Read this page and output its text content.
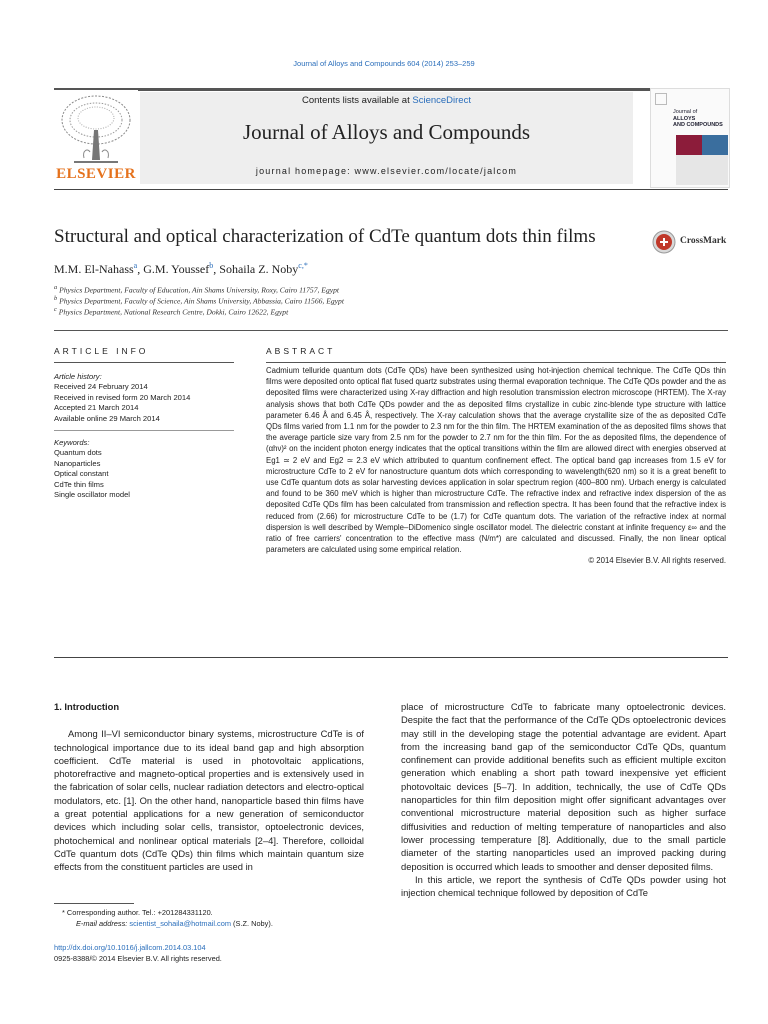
Journal of Alloys and Compounds 604 (2014) 253–259
ELSEVIER
Contents lists available at ScienceDirect
Journal of Alloys and Compounds
journal homepage: www.elsevier.com/locate/jalcom
Journal of
ALLOYS
AND COMPOUNDS
Structural and optical characterization of CdTe quantum dots thin films	CrossMark
M.M. El-Nahass$^a$, G.M. Youssef$^b$, Sohaila Z. Noby$^{c,*}$
$^a$ Physics Department, Faculty of Education, Ain Shams University, Roxy, Cairo 11757, Egypt
$^b$ Physics Department, Faculty of Science, Ain Shams University, Abbassia, Cairo 11566, Egypt
$^c$ Physics Department, National Research Centre, Dokki, Cairo 12622, Egypt
ARTICLE INFO	ABSTRACT
Article history:
Received 24 February 2014
Received in revised form 20 March 2014
Accepted 21 March 2014
Available online 29 March 2014
Keywords:
Quantum dots
Nanoparticles
Optical constant
CdTe thin films
Single oscillator model
Cadmium telluride quantum dots (CdTe QDs) have been synthesized using hot-injection chemical technique. The CdTe QDs thin films were deposited onto optical flat fused quartz substrates using thermal evaporation technique. The CdTe QDs powder and the as deposited films were characterized using X-ray diffraction and high resolution transmission electron microscope (HRTEM). The X-ray analysis shows that both CdTe QDs powder and the as deposited films crystallize in cubic zinc-blende type structure with lattice parameter 6.46 Å and 6.45 Å, respectively. The X-ray calculation shows that the average crystallite size of the as deposited CdTe QDs films varied from 1.1 nm for the powder to 2.3 nm for the thin film. The HRTEM examination of the as deposited films shows that the average particle size vary from 2.5 nm for the powder to 2.7 nm for the thin film. For the as deposited films, the dependence of (αhν)² on the incident photon energy indicates that the optical transitions within the film are allowed direct with energies observed at Eg1 ≃ 2 eV and Eg2 ≃ 2.3 eV which attributed to quantum confinement effect. The optical band gap increases from 1.5 eV for microstructure CdTe to 2 eV for nanostructure quantum dots which corresponding to wavelength(620 nm) so it is a great benefit to use CdTe quantum dots as solar harvesting devices application in solar spectrum region (400–800 nm). Urbach energy is calculated and found to be 360 meV which is higher than microstructure CdTe. The refractive index and refractive index dispersion of the as deposited CdTe QDs film has been calculated from transmission and reflection spectra. It has been found that the refractive index is reduced from (2.66) for microstructure CdTe to be (1.7) for CdTe quantum dots. The variation of the refractive index at normal dispersion is well described by Wemple–DiDomenico single oscillator model. The dielectric constant at infinite frequency ε∞ and the ratio of free carriers' concentration to the effective mass (N/m*) are calculated and discussed. Finally, the non linear optical parameters are calculated using some empirical relation.
© 2014 Elsevier B.V. All rights reserved.
1. Introduction
Among II–VI semiconductor binary systems, microstructure CdTe is of technological importance due to its ideal band gap and high absorption coefficient. CdTe material is used in photovoltaic applications, photorefractive and magneto-optical properties and is extensively used in the fabrication of solar cells, nuclear radiation detectors and electro-optical modulators, etc. [1]. On the other hand, nanoparticle based thin films have a great potential applications for a new generation of semiconductor devices which including solar cells, transistor, optoelectronic devices, photochemical and nonlinear optical materials [2–4]. Therefore, colloidal CdTe quantum dots (CdTe QDs) thin films which maintain quantum size effects from the constituent particles are used in
place of microstructure CdTe to fabricate many optoelectronic devices. Despite the fact that the performance of the CdTe QDs optoelectronic devices may still in the developing stage the potential advantage are evident. Apart from the increasing band gap of the semiconductor CdTe QDs, quantum confinement can provide additional benefits such as efficient multiple exciton generation which enabling a short path toward inexpensive yet efficient photovoltaic devices [5–7]. In addition, technically, the use of CdTe QDs nanoparticles for thin film deposition might offer significant advantages over conventional microstructure material deposition such as higher surface diffusivities and reduction of melting temperature of nanoparticles and also lower processing temperature [8]. Additionally, due to the small particle diameter of the starting nanoparticles used an improved packing during deposition is occurred which leads to smoother and denser deposited films.
In this article, we report the synthesis of CdTe QDs powder using hot injection chemical technique followed by deposition of CdTe
* Corresponding author. Tel.: +201284331120.
E-mail address: scientist_sohaila@hotmail.com (S.Z. Noby).
http://dx.doi.org/10.1016/j.jallcom.2014.03.104
0925-8388/© 2014 Elsevier B.V. All rights reserved.
